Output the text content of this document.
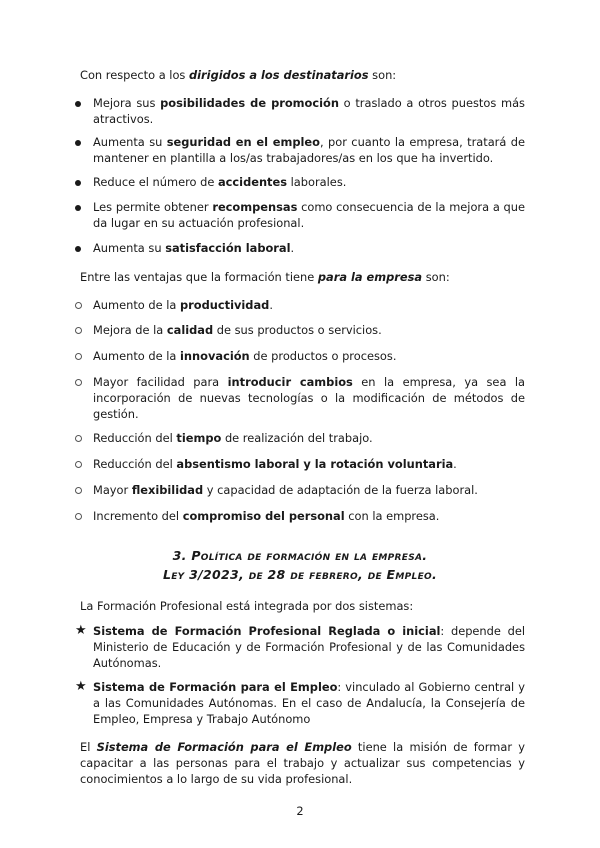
Con respecto a los dirigidos a los destinatarios son:

Mejora sus posibilidades de promoción o traslado a otros puestos más atractivos.
Aumenta su seguridad en el empleo, por cuanto la empresa, tratará de mantener en plantilla a los/as trabajadores/as en los que ha invertido.
Reduce el número de accidentes laborales.
Les permite obtener recompensas como consecuencia de la mejora a que da lugar en su actuación profesional.
Aumenta su satisfacción laboral.

Entre las ventajas que la formación tiene para la empresa son:

Aumento de la productividad.
Mejora de la calidad de sus productos o servicios.
Aumento de la innovación de productos o procesos.
Mayor facilidad para introducir cambios en la empresa, ya sea la incorporación de nuevas tecnologías o la modificación de métodos de gestión.
Reducción del tiempo de realización del trabajo.
Reducción del absentismo laboral y la rotación voluntaria.
Mayor flexibilidad y capacidad de adaptación de la fuerza laboral.
Incremento del compromiso del personal con la empresa.
3. Política de formación en la empresa.
Ley 3/2023, de 28 de febrero, de Empleo.

La Formación Profesional está integrada por dos sistemas:

★ Sistema de Formación Profesional Reglada o inicial: depende del Ministerio de Educación y de Formación Profesional y de las Comunidades Autónomas.
★ Sistema de Formación para el Empleo: vinculado al Gobierno central y a las Comunidades Autónomas. En el caso de Andalucía, la Consejería de Empleo, Empresa y Trabajo Autónomo

El Sistema de Formación para el Empleo tiene la misión de formar y capacitar a las personas para el trabajo y actualizar sus competencias y conocimientos a lo largo de su vida profesional.

2
